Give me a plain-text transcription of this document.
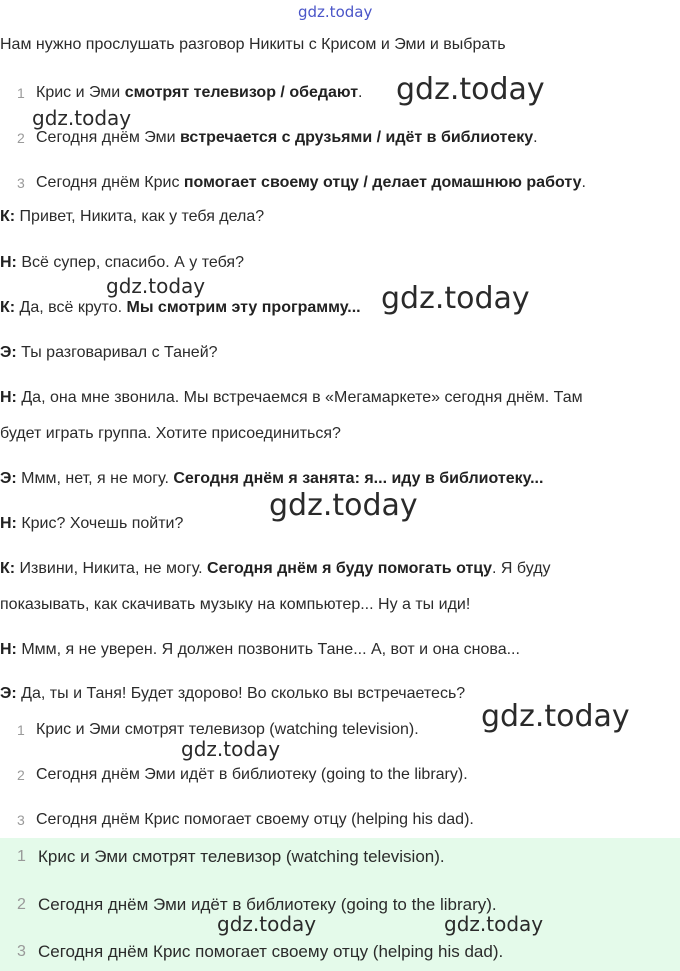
gdz.today
Нам нужно прослушать разговор Никиты с Крисом и Эми и выбрать
1 Крис и Эми смотрят телевизор / обедают.
2 Сегодня днём Эми встречается с друзьями / идёт в библиотеку.
3 Сегодня днём Крис помогает своему отцу / делает домашнюю работу.
К: Привет, Никита, как у тебя дела?
Н: Всё супер, спасибо. А у тебя?
К: Да, всё круто. Мы смотрим эту программу...
Э: Ты разговаривал с Таней?
Н: Да, она мне звонила. Мы встречаемся в «Мегамаркете» сегодня днём. Там
будет играть группа. Хотите присоединиться?
Э: Ммм, нет, я не могу. Сегодня днём я занята: я... иду в библиотеку...
Н: Крис? Хочешь пойти?
К: Извини, Никита, не могу. Сегодня днём я буду помогать отцу. Я буду
показывать, как скачивать музыку на компьютер... Ну а ты иди!
Н: Ммм, я не уверен. Я должен позвонить Тане... А, вот и она снова...
Э: Да, ты и Таня! Будет здорово! Во сколько вы встречаетесь?
1 Крис и Эми смотрят телевизор (watching television).
2 Сегодня днём Эми идёт в библиотеку (going to the library).
3 Сегодня днём Крис помогает своему отцу (helping his dad).
1 Крис и Эми смотрят телевизор (watching television).
2 Сегодня днём Эми идёт в библиотеку (going to the library).
3 Сегодня днём Крис помогает своему отцу (helping his dad).
gdz.today
gdz.today
gdz.today	gdz.today
gdz.today
gdz.today
gdz.today
gdz.today	gdz.today
